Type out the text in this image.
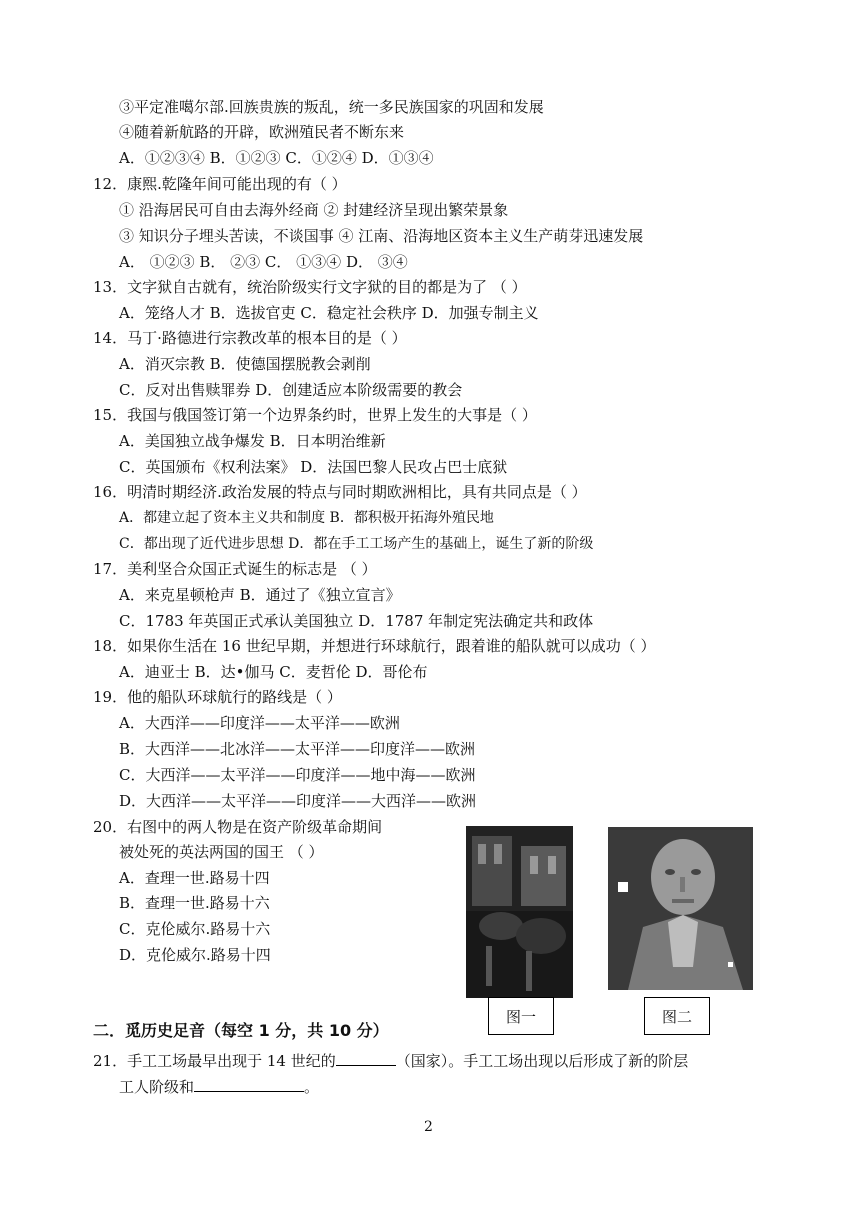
③平定准噶尔部.回族贵族的叛乱，统一多民族国家的巩固和发展
④随着新航路的开辟，欧洲殖民者不断东来
A．①②③④ B．①②③ C．①②④ D．①③④
12．康熙.乾隆年间可能出现的有（ ）
① 沿海居民可自由去海外经商 ② 封建经济呈现出繁荣景象
③ 知识分子埋头苦读，不谈国事 ④ 江南、沿海地区资本主义生产萌芽迅速发展
A． ①②③ B． ②③ C． ①③④ D． ③④
13．文字狱自古就有，统治阶级实行文字狱的目的都是为了 （ ）
A．笼络人才 B．选拔官吏 C．稳定社会秩序 D．加强专制主义
14．马丁·路德进行宗教改革的根本目的是（ ）
A．消灭宗教 B．使德国摆脱教会剥削
C．反对出售赎罪券 D．创建适应本阶级需要的教会
15．我国与俄国签订第一个边界条约时，世界上发生的大事是（ ）
A．美国独立战争爆发 B．日本明治维新
C．英国颁布《权利法案》 D．法国巴黎人民攻占巴士底狱
16．明清时期经济.政治发展的特点与同时期欧洲相比，具有共同点是（ ）
A．都建立起了资本主义共和制度 B．都积极开拓海外殖民地
C．都出现了近代进步思想 D．都在手工工场产生的基础上，诞生了新的阶级
17．美利坚合众国正式诞生的标志是 （ ）
A．来克星顿枪声 B．通过了《独立宣言》
C．1783 年英国正式承认美国独立 D．1787 年制定宪法确定共和政体
18．如果你生活在 16 世纪早期，并想进行环球航行，跟着谁的船队就可以成功（ ）
A．迪亚士 B．达•伽马 C．麦哲伦 D．哥伦布
19．他的船队环球航行的路线是（ ）
A．大西洋——印度洋——太平洋——欧洲
B．大西洋——北冰洋——太平洋——印度洋——欧洲
C．大西洋——太平洋——印度洋——地中海——欧洲
D．大西洋——太平洋——印度洋——大西洋——欧洲
20．右图中的两人物是在资产阶级革命期间
被处死的英法两国的国王 （ ）
A．查理一世.路易十四
B．查理一世.路易十六
C．克伦威尔.路易十六
D．克伦威尔.路易十四
图一	图二
二．觅历史足音（每空 1 分，共 10 分）
21．手工工场最早出现于 14 世纪的	（国家）。手工工场出现以后形成了新的阶层
工人阶级和	。
2
